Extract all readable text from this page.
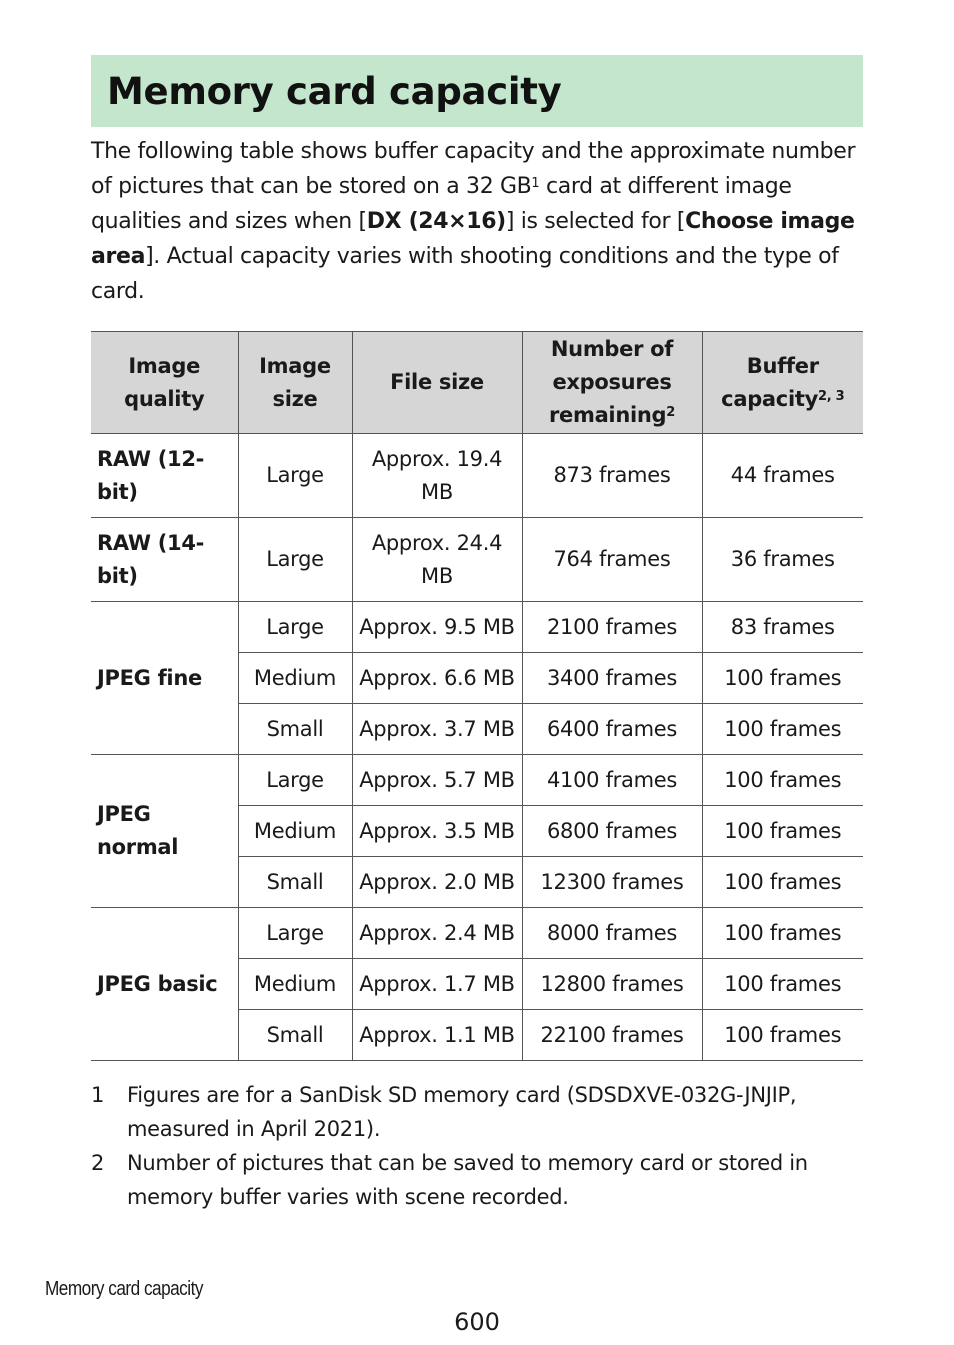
Memory card capacity

The following table shows buffer capacity and the approximate number of pictures that can be stored on a 32 $GB^1$ card at different image qualities and sizes when [DX (24×16)] is selected for [Choose image area]. Actual capacity varies with shooting conditions and the type of card.

Image quality	Image size	File size	Number of exposures remaining$^2$	Buffer capacity$^{2, 3}$
RAW (12-bit)	Large	Approx. 19.4 MB	873 frames	44 frames
RAW (14-bit)	Large	Approx. 24.4 MB	764 frames	36 frames
JPEG fine	Large	Approx. 9.5 MB	2100 frames	83 frames
	Medium	Approx. 6.6 MB	3400 frames	100 frames
	Small	Approx. 3.7 MB	6400 frames	100 frames
JPEG normal	Large	Approx. 5.7 MB	4100 frames	100 frames
	Medium	Approx. 3.5 MB	6800 frames	100 frames
	Small	Approx. 2.0 MB	12300 frames	100 frames
JPEG basic	Large	Approx. 2.4 MB	8000 frames	100 frames
	Medium	Approx. 1.7 MB	12800 frames	100 frames
	Small	Approx. 1.1 MB	22100 frames	100 frames
1	Figures are for a SanDisk SD memory card (SDSDXVE-032G-JNJIP, measured in April 2021).
2	Number of pictures that can be saved to memory card or stored in memory buffer varies with scene recorded.
Memory card capacity
600
